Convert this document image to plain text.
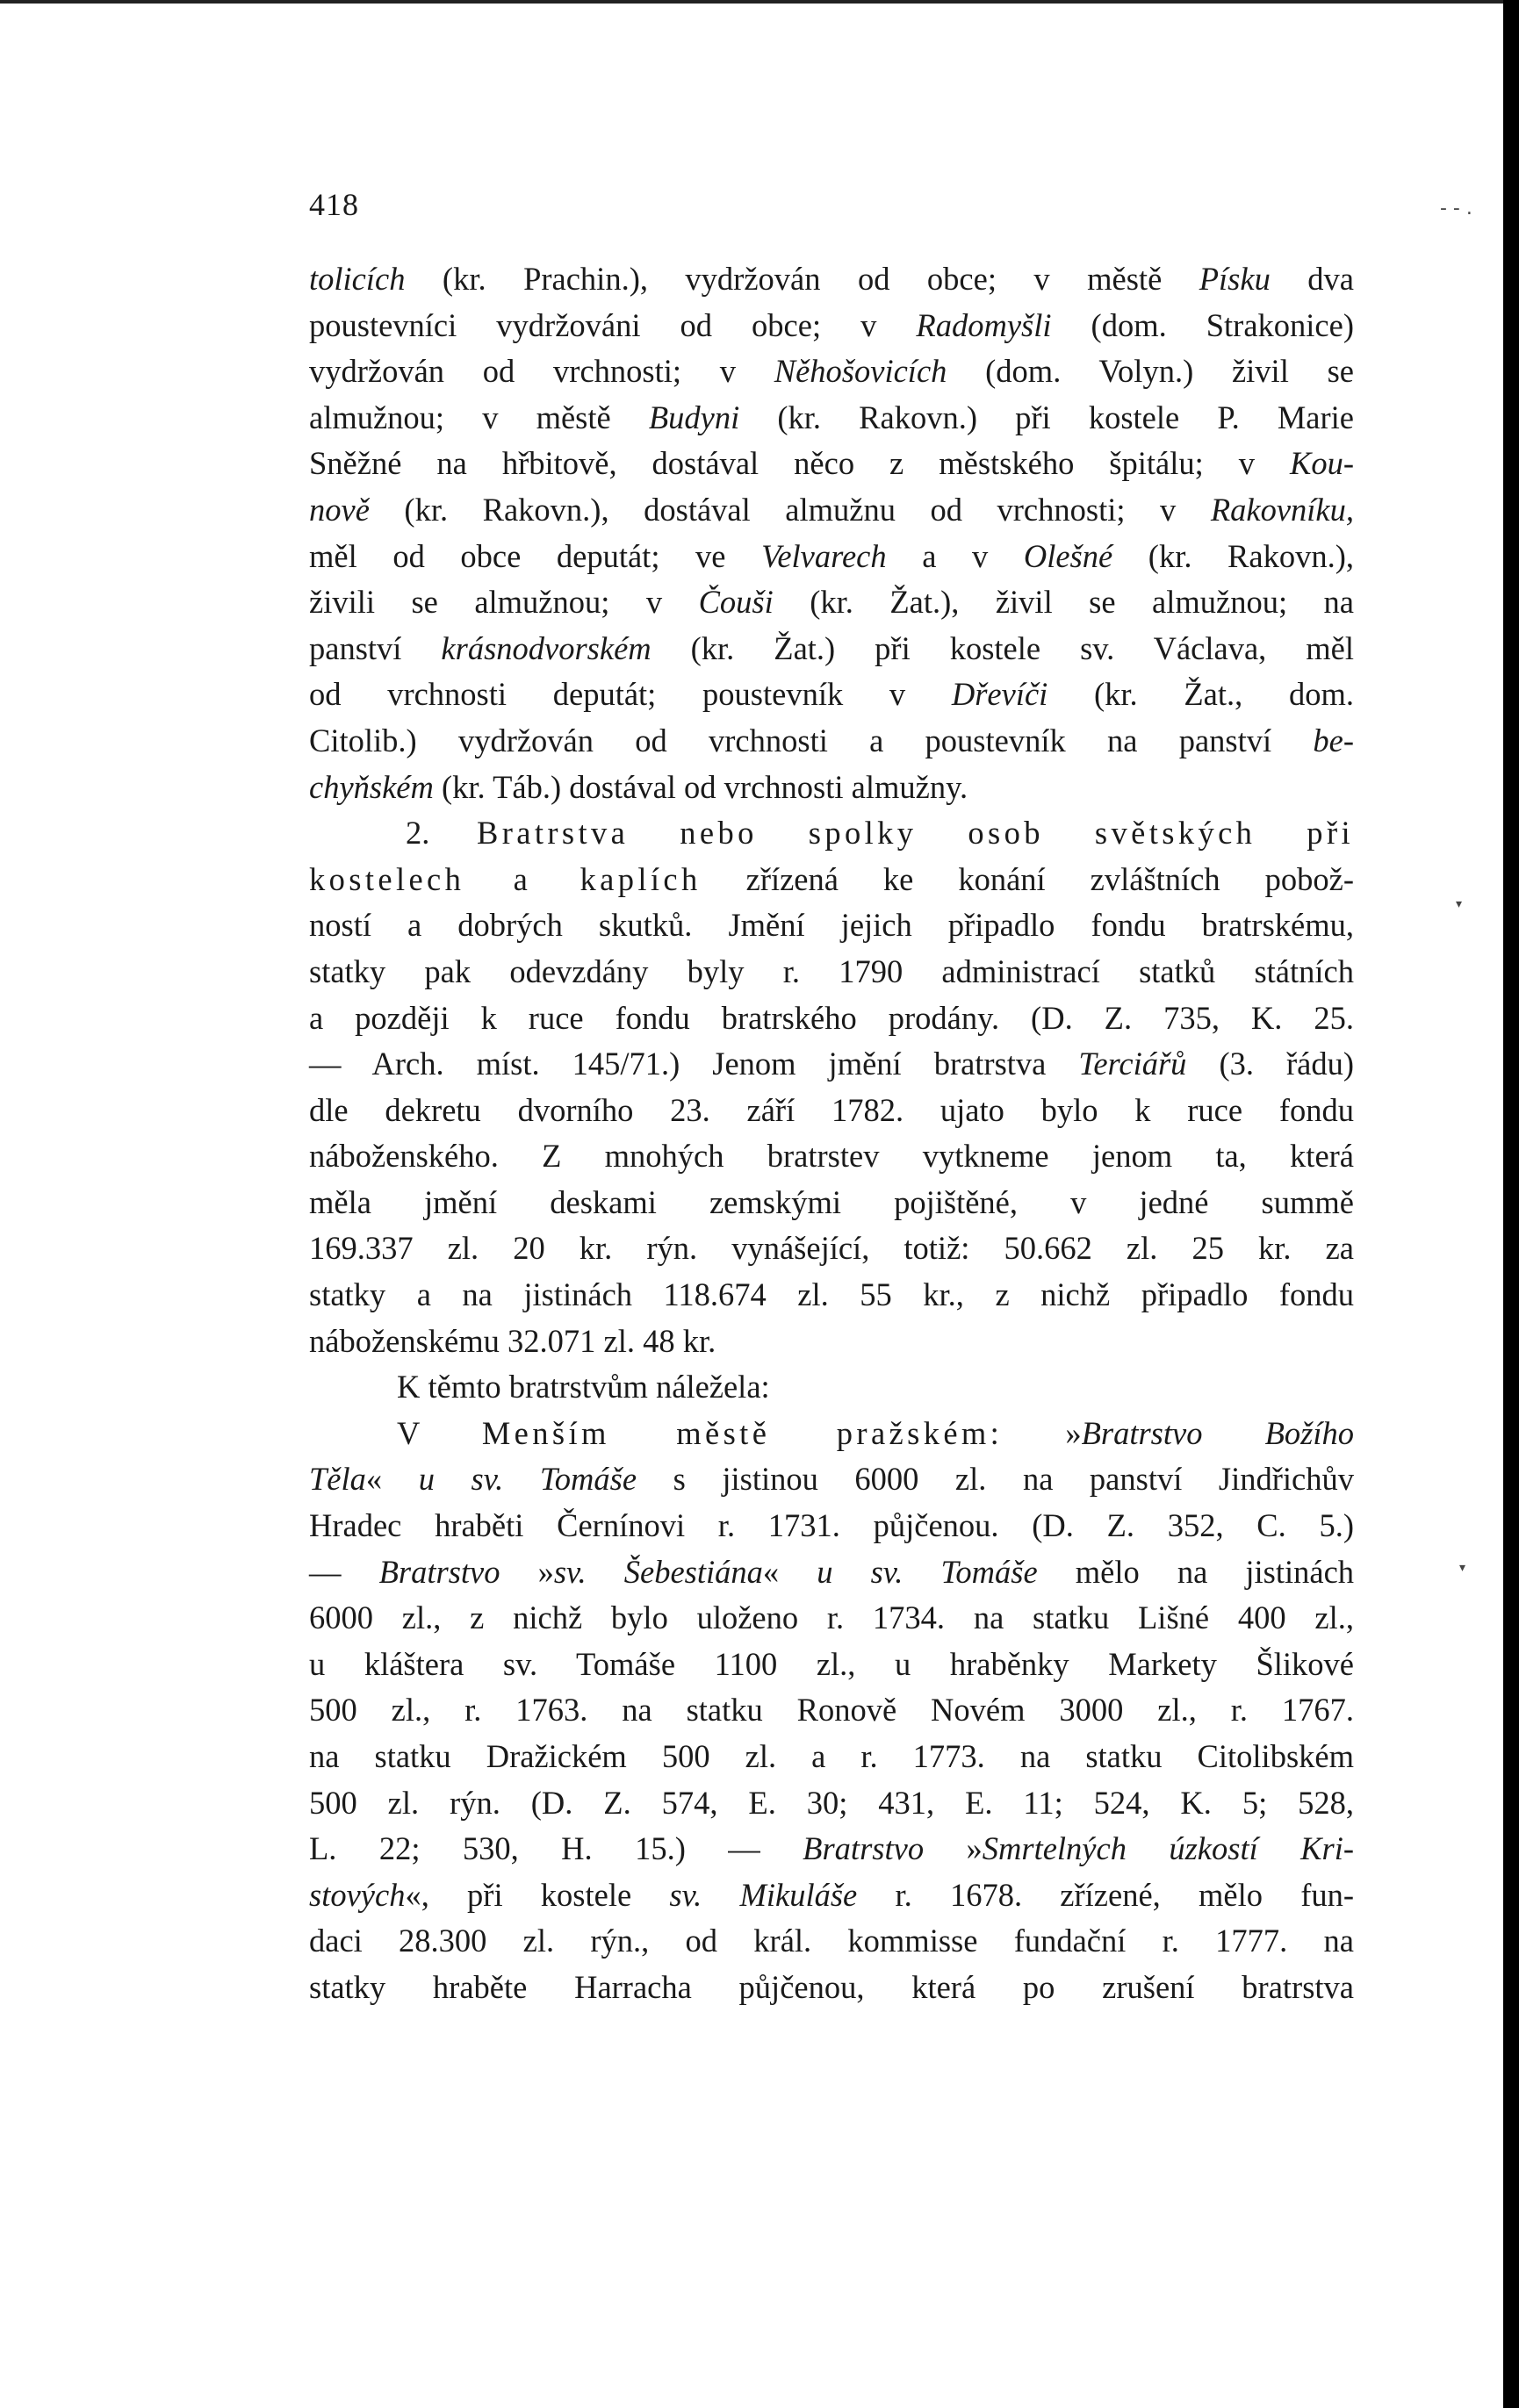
418	- - .
▾
▾
tolicích (kr. Prachin.), vydržován od obce; v městě Písku dva
poustevníci vydržováni od obce; v Radomyšli (dom. Strakonice)
vydržován od vrchnosti; v Něhošovicích (dom. Volyn.) živil se
almužnou; v městě Budyni (kr. Rakovn.) při kostele P. Marie
Sněžné na hřbitově, dostával něco z městského špitálu; v Kou-
nově (kr. Rakovn.), dostával almužnu od vrchnosti; v Rakovníku,
měl od obce deputát; ve Velvarech a v Olešné (kr. Rakovn.),
živili se almužnou; v Čouši (kr. Žat.), živil se almužnou; na
panství krásnodvorském (kr. Žat.) při kostele sv. Václava, měl
od vrchnosti deputát; poustevník v Dřevíči (kr. Žat., dom.
Citolib.) vydržován od vrchnosti a poustevník na panství be-
chyňském (kr. Táb.) dostával od vrchnosti almužny.
2. Bratrstva nebo spolky osob světských při
kostelech a kaplích zřízená ke konání zvláštních pobož-
ností a dobrých skutků. Jmění jejich připadlo fondu bratrskému,
statky pak odevzdány byly r. 1790 administrací statků státních
a později k ruce fondu bratrského prodány. (D. Z. 735, K. 25.
— Arch. míst. 145/71.) Jenom jmění bratrstva Terciářů (3. řádu)
dle dekretu dvorního 23. září 1782. ujato bylo k ruce fondu
náboženského. Z mnohých bratrstev vytkneme jenom ta, která
měla jmění deskami zemskými pojištěné, v jedné summě
169.337 zl. 20 kr. rýn. vynášející, totiž: 50.662 zl. 25 kr. za
statky a na jistinách 118.674 zl. 55 kr., z nichž připadlo fondu
náboženskému 32.071 zl. 48 kr.
K těmto bratrstvům náležela:
V Menším městě pražském: »Bratrstvo Božího
Těla« u sv. Tomáše s jistinou 6000 zl. na panství Jindřichův
Hradec hraběti Černínovi r. 1731. půjčenou. (D. Z. 352, C. 5.)
— Bratrstvo »sv. Šebestiána« u sv. Tomáše mělo na jistinách
6000 zl., z nichž bylo uloženo r. 1734. na statku Lišné 400 zl.,
u kláštera sv. Tomáše 1100 zl., u hraběnky Markety Šlikové
500 zl., r. 1763. na statku Ronově Novém 3000 zl., r. 1767.
na statku Dražickém 500 zl. a r. 1773. na statku Citolibském
500 zl. rýn. (D. Z. 574, E. 30; 431, E. 11; 524, K. 5; 528,
L. 22; 530, H. 15.) — Bratrstvo »Smrtelných úzkostí Kri-
stových«, při kostele sv. Mikuláše r. 1678. zřízené, mělo fun-
daci 28.300 zl. rýn., od král. kommisse fundační r. 1777. na
statky hraběte Harracha půjčenou, která po zrušení bratrstva
